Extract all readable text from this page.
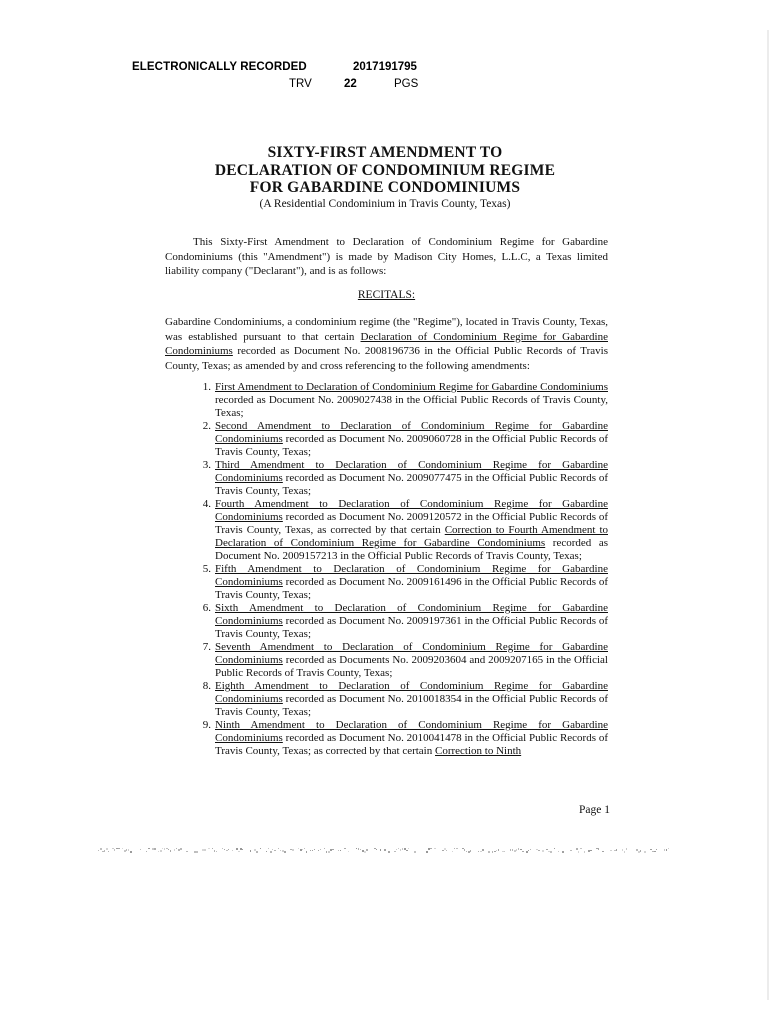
ELECTRONICALLY RECORDED	2017191795
TRV	22	PGS
SIXTY-FIRST AMENDMENT TO
DECLARATION OF CONDOMINIUM REGIME
FOR GABARDINE CONDOMINIUMS
(A Residential Condominium in Travis County, Texas)

This Sixty-First Amendment to Declaration of Condominium Regime for Gabardine Condominiums (this "Amendment") is made by Madison City Homes, L.L.C, a Texas limited liability company ("Declarant"), and is as follows:

RECITALS:

Gabardine Condominiums, a condominium regime (the "Regime"), located in Travis County, Texas, was established pursuant to that certain Declaration of Condominium Regime for Gabardine Condominiums recorded as Document No. 2008196736 in the Official Public Records of Travis County, Texas; as amended by and cross referencing to the following amendments:

1. First Amendment to Declaration of Condominium Regime for Gabardine Condominiums recorded as Document No. 2009027438 in the Official Public Records of Travis County, Texas;
2. Second Amendment to Declaration of Condominium Regime for Gabardine Condominiums recorded as Document No. 2009060728 in the Official Public Records of Travis County, Texas;
3. Third Amendment to Declaration of Condominium Regime for Gabardine Condominiums recorded as Document No. 2009077475 in the Official Public Records of Travis County, Texas;
4. Fourth Amendment to Declaration of Condominium Regime for Gabardine Condominiums recorded as Document No. 2009120572 in the Official Public Records of Travis County, Texas, as corrected by that certain Correction to Fourth Amendment to Declaration of Condominium Regime for Gabardine Condominiums recorded as Document No. 2009157213 in the Official Public Records of Travis County, Texas;
5. Fifth Amendment to Declaration of Condominium Regime for Gabardine Condominiums recorded as Document No. 2009161496 in the Official Public Records of Travis County, Texas;
6. Sixth Amendment to Declaration of Condominium Regime for Gabardine Condominiums recorded as Document No. 2009197361 in the Official Public Records of Travis County, Texas;
7. Seventh Amendment to Declaration of Condominium Regime for Gabardine Condominiums recorded as Documents No. 2009203604 and 2009207165 in the Official Public Records of Travis County, Texas;
8. Eighth Amendment to Declaration of Condominium Regime for Gabardine Condominiums recorded as Document No. 2010018354 in the Official Public Records of Travis County, Texas;
9. Ninth Amendment to Declaration of Condominium Regime for Gabardine Condominiums recorded as Document No. 2010041478 in the Official Public Records of Travis County, Texas; as corrected by that certain Correction to Ninth
Page 1
